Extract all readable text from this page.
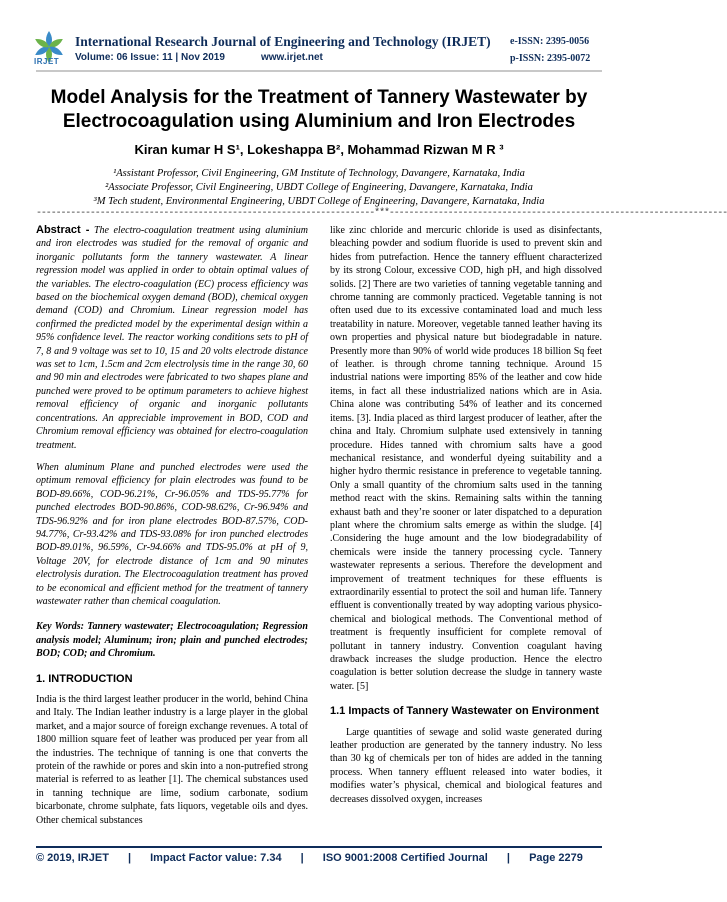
IRJET
International Research Journal of Engineering and Technology (IRJET)
Volume: 06 Issue: 11 | Nov 2019	www.irjet.net
e-ISSN: 2395-0056
p-ISSN: 2395-0072
Model Analysis for the Treatment of Tannery Wastewater by Electrocoagulation using Aluminium and Iron Electrodes
Kiran kumar H S¹, Lokeshappa B², Mohammad Rizwan M R ³
¹Assistant Professor, Civil Engineering, GM Institute of Technology, Davangere, Karnataka, India
²Associate Professor, Civil Engineering, UBDT College of Engineering, Davangere, Karnataka, India
³M Tech student, Environmental Engineering, UBDT College of Engineering, Davangere, Karnataka, India
---------------------------------------------------------------------***---------------------------------------------------------------------

Abstract - The electro-coagulation treatment using aluminium and iron electrodes was studied for the removal of organic and inorganic pollutants form the tannery wastewater. A linear regression model was applied in order to obtain optimal values of the variables. The electro-coagulation (EC) process efficiency was based on the biochemical oxygen demand (BOD), chemical oxygen demand (COD) and Chromium. Linear regression model has confirmed the predicted model by the experimental design within a 95% confidence level. The reactor working conditions sets to pH of 7, 8 and 9 voltage was set to 10, 15 and 20 volts electrode distance was set to 1cm, 1.5cm and 2cm electrolysis time in the range 30, 60 and 90 min and electrodes were fabricated to two shapes plane and punched were proved to be optimum parameters to achieve highest removal efficiency of organic and inorganic pollutants concentrations. An appreciable improvement in BOD, COD and Chromium removal efficiency was obtained for electro-coagulation treatment.

When aluminum Plane and punched electrodes were used the optimum removal efficiency for plain electrodes was found to be BOD-89.66%, COD-96.21%, Cr-96.05% and TDS-95.77% for punched electrodes BOD-90.86%, COD-98.62%, Cr-96.94% and TDS-96.92% and for iron plane electrodes BOD-87.57%, COD-94.77%, Cr-93.42% and TDS-93.08% for iron punched electrodes BOD-89.01%, 96.59%, Cr-94.66% and TDS-95.0% at pH of 9, Voltage 20V, for electrode distance of 1cm and 90 minutes electrolysis duration. The Electrocoagulation treatment has proved to be economical and efficient method for the treatment of tannery wastewater rather than chemical coagulation.

Key Words: Tannery wastewater; Electrocoagulation; Regression analysis model; Aluminum; iron; plain and punched electrodes; BOD; COD; and Chromium.

1. INTRODUCTION

India is the third largest leather producer in the world, behind China and Italy. The Indian leather industry is a large player in the global market, and a major source of foreign exchange revenues. A total of 1800 million square feet of leather was produced per year from all the industries. The technique of tanning is one that converts the protein of the rawhide or pores and skin into a non-putrefied strong material is referred to as leather [1]. The chemical substances used in tanning technique are lime, sodium carbonate, sodium bicarbonate, chrome sulphate, fats liquors, vegetable oils and dyes. Other chemical substances

like zinc chloride and mercuric chloride is used as disinfectants, bleaching powder and sodium fluoride is used to prevent skin and hides from putrefaction. Hence the tannery effluent characterized by its strong Colour, excessive COD, high pH, and high dissolved solids. [2] There are two varieties of tanning vegetable tanning and chrome tanning are commonly practiced. Vegetable tanning is not often used due to its excessive contaminated load and much less treatability in nature. Moreover, vegetable tanned leather having its own properties and physical nature but biodegradable in nature. Presently more than 90% of world wide produces 18 billion Sq feet of leather. is through chrome tanning technique. Around 15 industrial nations were importing 85% of the leather and cow hide items, in fact all these industrialized nations which are in Asia. China alone was contributing 54% of leather and its concerned items. [3]. India placed as third largest producer of leather, after the china and Italy. Chromium sulphate used extensively in tanning procedure. Hides tanned with chromium salts have a good mechanical resistance, and wonderful dyeing suitability and a higher hydro thermic resistance in preference to vegetable tanning. Only a small quantity of the chromium salts used in the tanning method react with the skins. Remaining salts within the tanning exhaust bath and they’re sooner or later dispatched to a depuration plant where the chromium salts emerge as within the sludge. [4] .Considering the huge amount and the low biodegradability of chemicals were inside the tannery processing cycle. Tannery wastewater represents a serious. Therefore the development and improvement of treatment techniques for these effluents is extraordinarily essential to protect the soil and human life. Tannery effluent is conventionally treated by way adopting various physico-chemical and biological methods. The Conventional method of treatment is frequently insufficient for complete removal of pollutant in tannery industry. Convention coagulant having drawback increases the sludge production. Hence the electro coagulation is better solution decrease the sludge in tannery waste water. [5]

1.1 Impacts of Tannery Wastewater on Environment

Large quantities of sewage and solid waste generated during leather production are generated by the tannery industry. No less than 30 kg of chemicals per ton of hides are added in the tanning process. When tannery effluent released into water bodies, it modifies water’s physical, chemical and biological features and decreases dissolved oxygen, increases

© 2019, IRJET | Impact Factor value: 7.34 | ISO 9001:2008 Certified Journal | Page 2279
